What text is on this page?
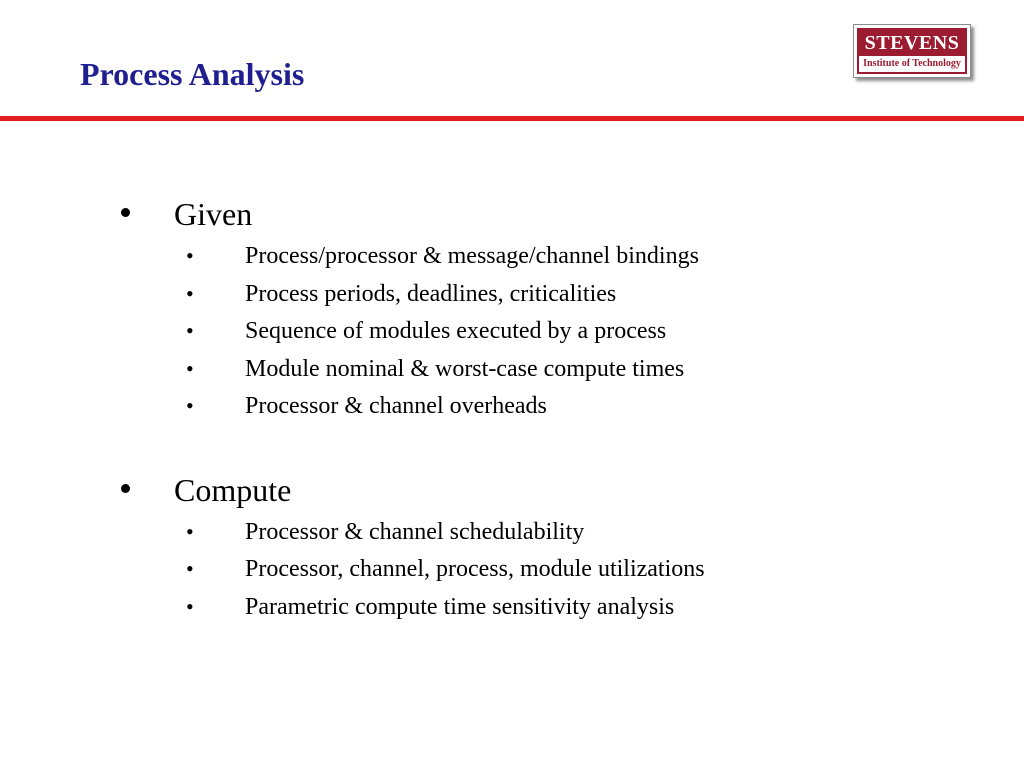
Process Analysis
STEVENS
Institute of Technology
Given
• Process/processor & message/channel bindings
• Process periods, deadlines, criticalities
• Sequence of modules executed by a process
• Module nominal & worst-case compute times
• Processor & channel overheads
Compute
• Processor & channel schedulability
• Processor, channel, process, module utilizations
• Parametric compute time sensitivity analysis
